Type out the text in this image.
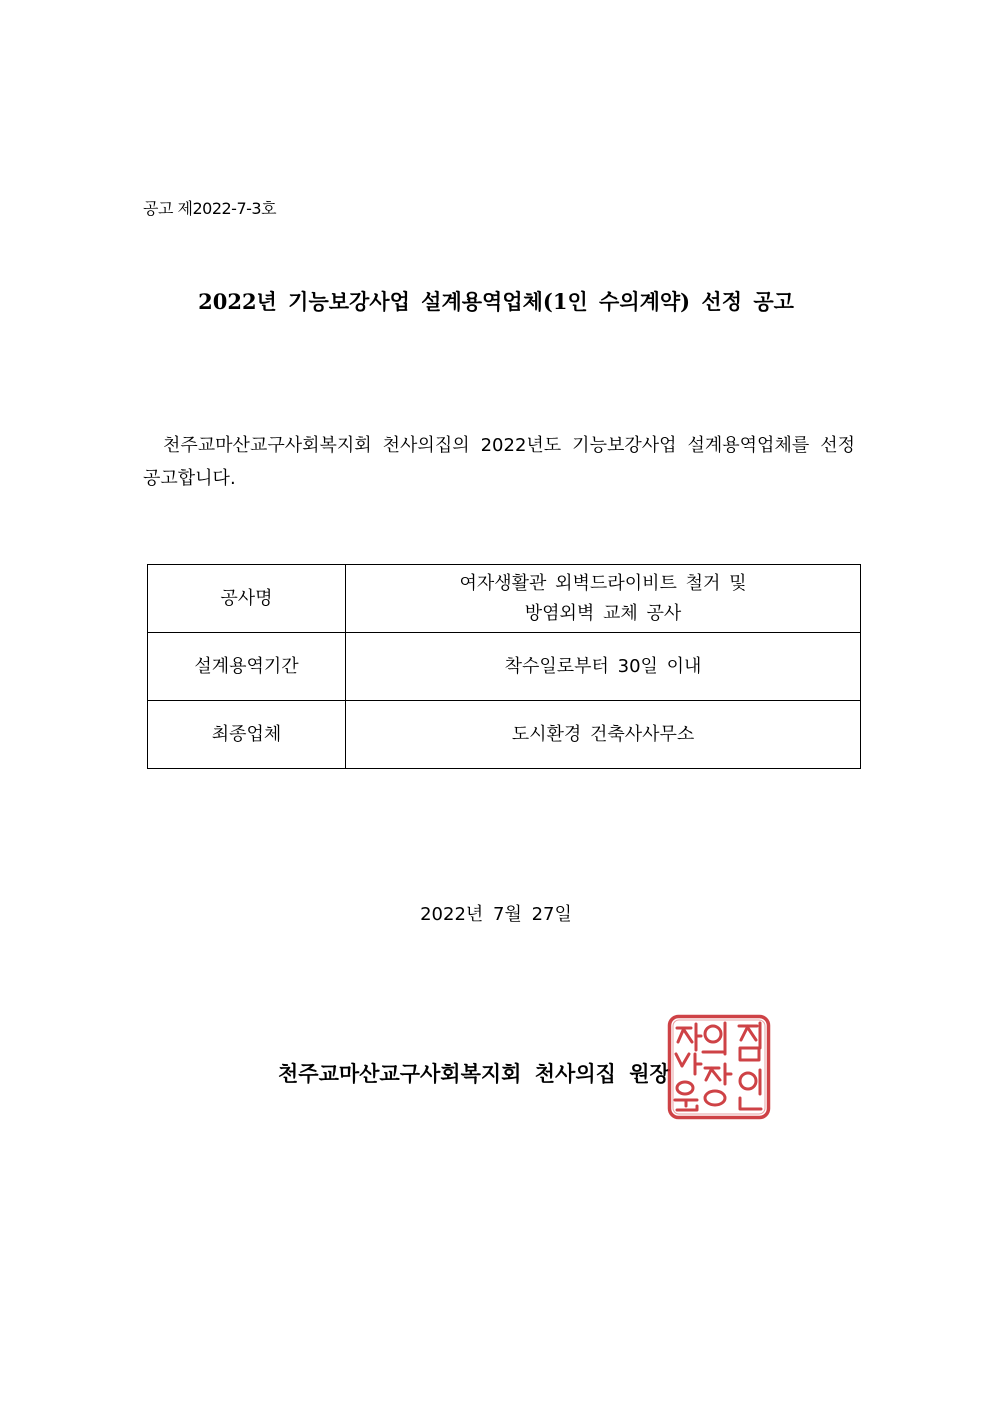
공고 제2022-7-3호
2022년 기능보강사업 설계용역업체(1인 수의계약) 선정 공고
천주교마산교구사회복지회 천사의집의 2022년도 기능보강사업 설계용역업체를 선정 공고합니다.
공사명	여자생활관 외벽드라이비트 철거 및
방염외벽 교체 공사

설계용역기간	착수일로부터 30일 이내
최종업체	도시환경 건축사사무소
2022년 7월 27일
천주교마산교구사회복지회 천사의집 원장
